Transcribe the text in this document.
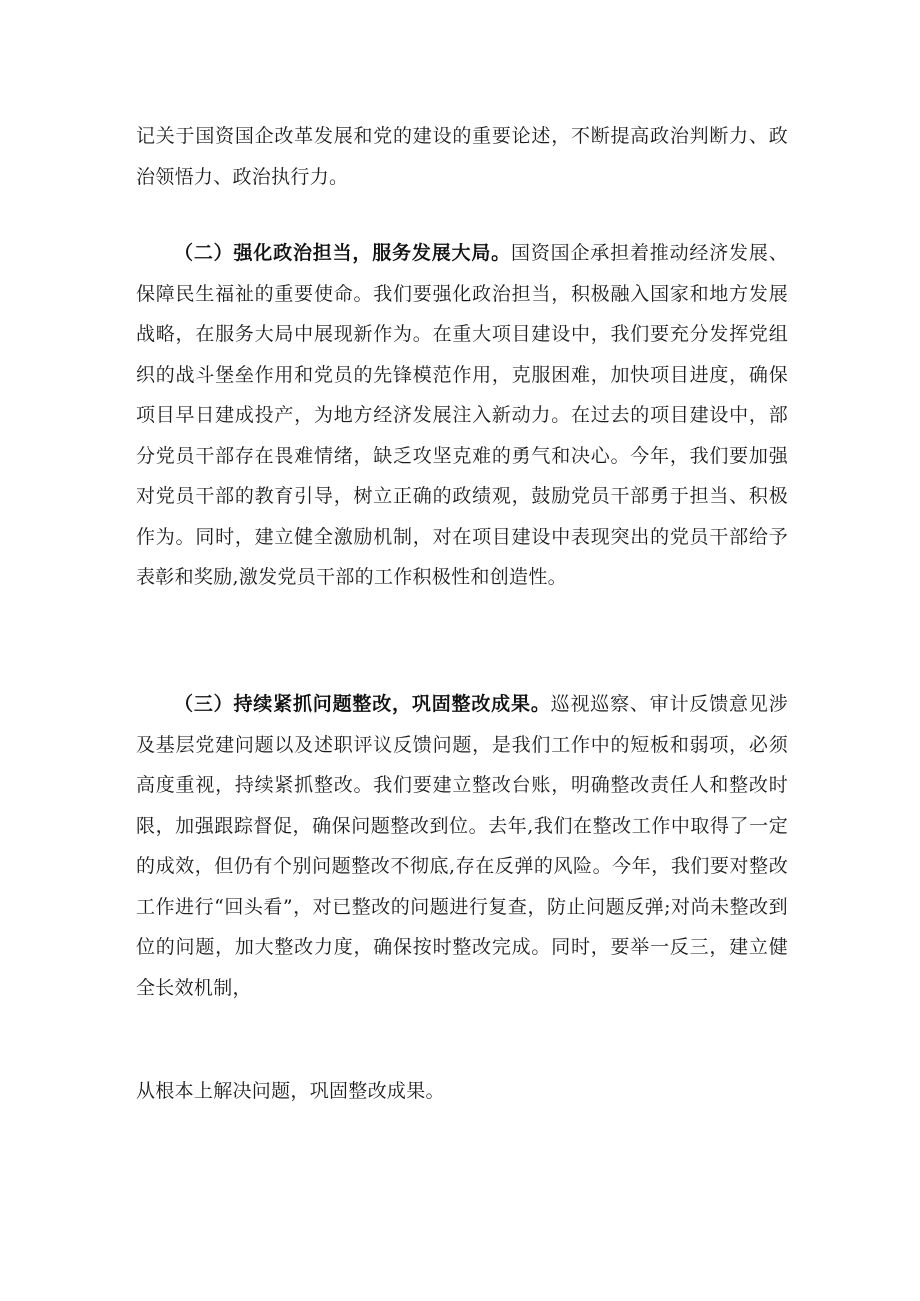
记关于国资国企改革发展和党的建设的重要论述，不断提高政治判断力、政治领悟力、政治执行力。

（二）强化政治担当，服务发展大局。国资国企承担着推动经济发展、保障民生福祉的重要使命。我们要强化政治担当，积极融入国家和地方发展战略，在服务大局中展现新作为。在重大项目建设中，我们要充分发挥党组织的战斗堡垒作用和党员的先锋模范作用，克服困难，加快项目进度，确保项目早日建成投产，为地方经济发展注入新动力。在过去的项目建设中，部分党员干部存在畏难情绪，缺乏攻坚克难的勇气和决心。今年，我们要加强对党员干部的教育引导，树立正确的政绩观，鼓励党员干部勇于担当、积极作为。同时，建立健全激励机制，对在项目建设中表现突出的党员干部给予表彰和奖励,激发党员干部的工作积极性和创造性。

（三）持续紧抓问题整改，巩固整改成果。巡视巡察、审计反馈意见涉及基层党建问题以及述职评议反馈问题，是我们工作中的短板和弱项，必须高度重视，持续紧抓整改。我们要建立整改台账，明确整改责任人和整改时限，加强跟踪督促，确保问题整改到位。去年,我们在整改工作中取得了一定的成效，但仍有个别问题整改不彻底,存在反弹的风险。今年，我们要对整改工作进行“回头看”，对已整改的问题进行复查，防止问题反弹;对尚未整改到位的问题，加大整改力度，确保按时整改完成。同时，要举一反三，建立健全长效机制，

从根本上解决问题，巩固整改成果。
